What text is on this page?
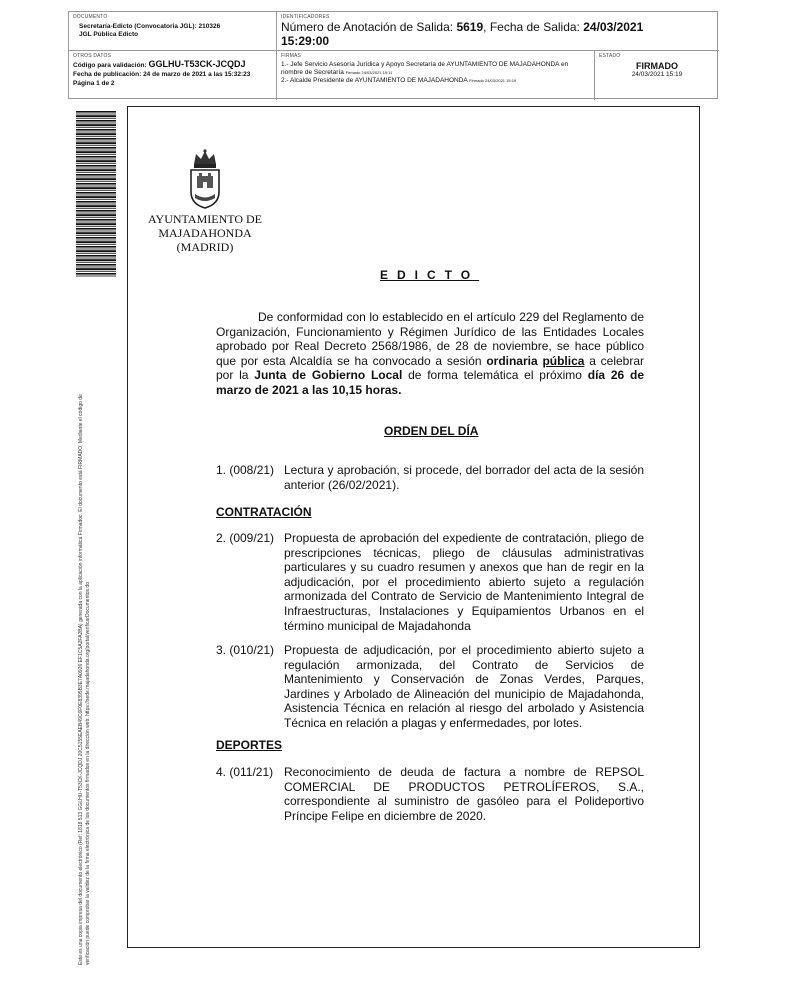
DOCUMENTO
Secretaría-Edicto (Convocatoria JGL): 210326
JGL Pública Edicto
IDENTIFICADORES
Número de Anotación de Salida: 5619, Fecha de Salida: 24/03/2021
15:29:00
OTROS DATOS
Código para validación: GGLHU-T53CK-JCQDJ
Fecha de publicación: 24 de marzo de 2021 a las 15:32:23
Página 1 de 2
FIRMAS
1.- Jefe Servicio Asesoría Jurídica y Apoyo Secretaría de AYUNTAMIENTO DE MAJADAHONDA en nombre de Secretaría Firmado 24/03/2021 15:11
2.- Alcalde Presidente de AYUNTAMIENTO DE MAJADAHONDA Firmado 24/03/2021 15:19
ESTADO
FIRMADO
24/03/2021 15:19
Este es una copia impresa del documento electrónico (Ref: 1818 513 GGLHU-T53CK-JCQDJ 20C5155EAEB49C6F0E8395B3E7A0926 EF1C5A2FA2BA) generada con la aplicación informática Firmadoc. El documento está FIRMADO. Mediante el código de verificación puede comprobar la validez de la firma electrónica de los documentos firmados en la dirección web: https://sede.majadahonda.org/portal/verificarDocumentos.do
AYUNTAMIENTO DE
MAJADAHONDA
(MADRID)
EDICTO
De conformidad con lo establecido en el artículo 229 del Reglamento de Organización, Funcionamiento y Régimen Jurídico de las Entidades Locales aprobado por Real Decreto 2568/1986, de 28 de noviembre, se hace público que por esta Alcaldía se ha convocado a sesión ordinaria pública a celebrar por la Junta de Gobierno Local de forma telemática el próximo día 26 de marzo de 2021 a las 10,15 horas.
ORDEN DEL DÍA
1. (008/21) Lectura y aprobación, si procede, del borrador del acta de la sesión anterior (26/02/2021).
CONTRATACIÓN
2. (009/21) Propuesta de aprobación del expediente de contratación, pliego de prescripciones técnicas, pliego de cláusulas administrativas particulares y su cuadro resumen y anexos que han de regir en la adjudicación, por el procedimiento abierto sujeto a regulación armonizada del Contrato de Servicio de Mantenimiento Integral de Infraestructuras, Instalaciones y Equipamientos Urbanos en el término municipal de Majadahonda
3. (010/21) Propuesta de adjudicación, por el procedimiento abierto sujeto a regulación armonizada, del Contrato de Servicios de Mantenimiento y Conservación de Zonas Verdes, Parques, Jardines y Arbolado de Alineación del municipio de Majadahonda, Asistencia Técnica en relación al riesgo del arbolado y Asistencia Técnica en relación a plagas y enfermedades, por lotes.
DEPORTES
4. (011/21) Reconocimiento de deuda de factura a nombre de REPSOL COMERCIAL DE PRODUCTOS PETROLÍFEROS, S.A., correspondiente al suministro de gasóleo para el Polideportivo Príncipe Felipe en diciembre de 2020.
